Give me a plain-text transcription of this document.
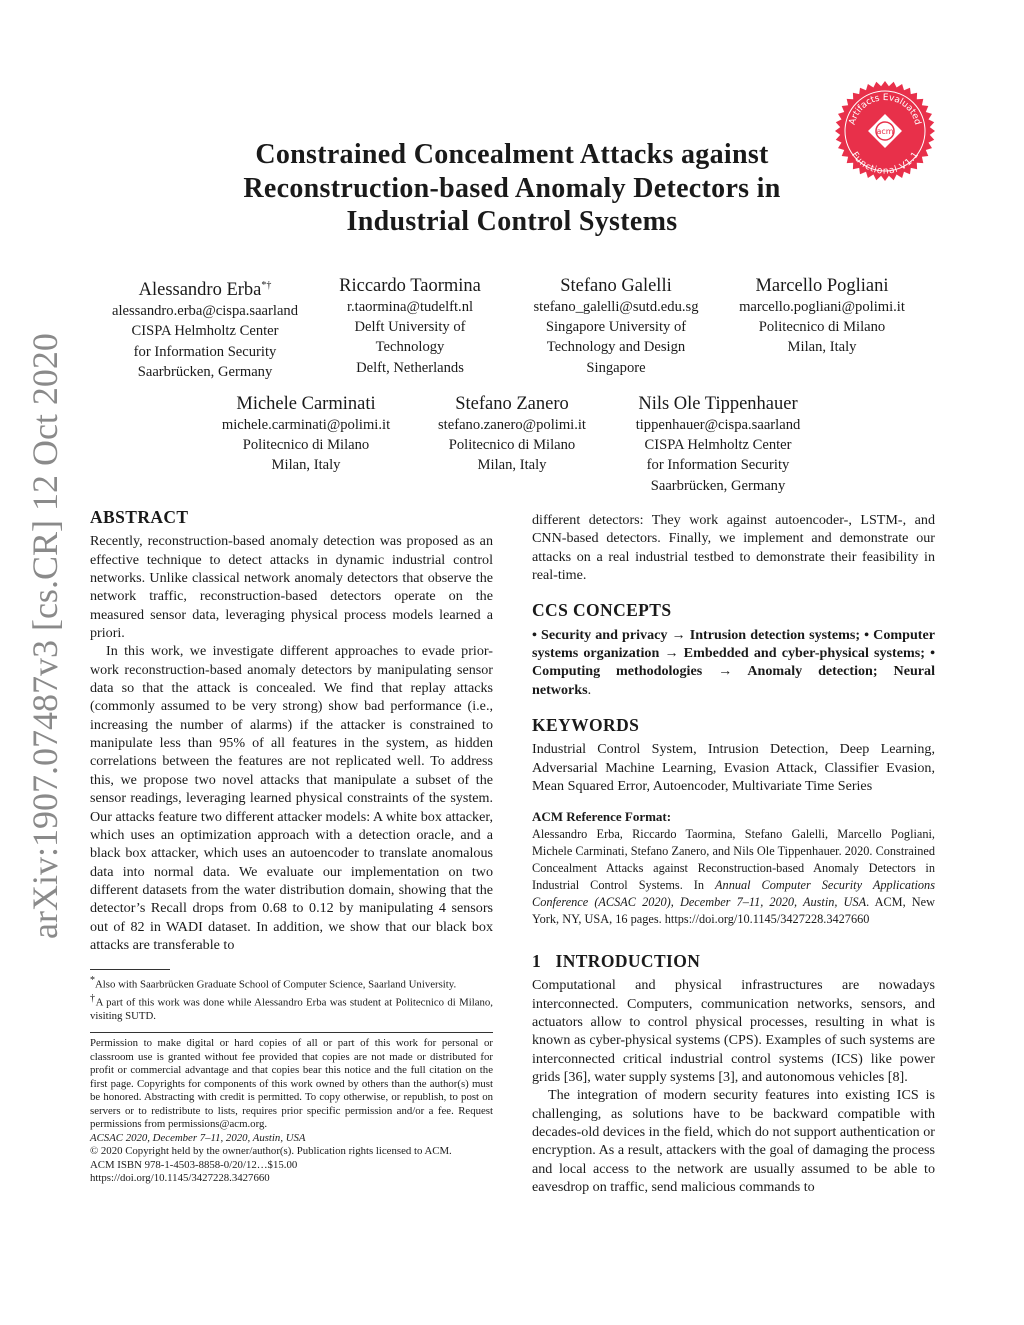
arXiv:1907.07487v3 [cs.CR] 12 Oct 2020
Artifacts Evaluated
Functional V1.1
acm
Constrained Concealment Attacks against
Reconstruction-based Anomaly Detectors in
Industrial Control Systems
Alessandro Erba*†
alessandro.erba@cispa.saarland
CISPA Helmholtz Center
for Information Security
Saarbrücken, Germany
Riccardo Taormina
r.taormina@tudelft.nl
Delft University of
Technology
Delft, Netherlands
Stefano Galelli
stefano_galelli@sutd.edu.sg
Singapore University of
Technology and Design
Singapore
Marcello Pogliani
marcello.pogliani@polimi.it
Politecnico di Milano
Milan, Italy
Michele Carminati
michele.carminati@polimi.it
Politecnico di Milano
Milan, Italy
Stefano Zanero
stefano.zanero@polimi.it
Politecnico di Milano
Milan, Italy
Nils Ole Tippenhauer
tippenhauer@cispa.saarland
CISPA Helmholtz Center
for Information Security
Saarbrücken, Germany
ABSTRACT

Recently, reconstruction-based anomaly detection was proposed as an effective technique to detect attacks in dynamic industrial control networks. Unlike classical network anomaly detectors that observe the network traffic, reconstruction-based detectors operate on the measured sensor data, leveraging physical process models learned a priori.

In this work, we investigate different approaches to evade prior-work reconstruction-based anomaly detectors by manipulating sensor data so that the attack is concealed. We find that replay attacks (commonly assumed to be very strong) show bad performance (i.e., increasing the number of alarms) if the attacker is constrained to manipulate less than 95% of all features in the system, as hidden correlations between the features are not replicated well. To address this, we propose two novel attacks that manipulate a subset of the sensor readings, leveraging learned physical constraints of the system. Our attacks feature two different attacker models: A white box attacker, which uses an optimization approach with a detection oracle, and a black box attacker, which uses an autoencoder to translate anomalous data into normal data. We evaluate our implementation on two different datasets from the water distribution domain, showing that the detector’s Recall drops from 0.68 to 0.12 by manipulating 4 sensors out of 82 in WADI dataset. In addition, we show that our black box attacks are transferable to

*Also with Saarbrücken Graduate School of Computer Science, Saarland University.

†A part of this work was done while Alessandro Erba was student at Politecnico di Milano, visiting SUTD.

Permission to make digital or hard copies of all or part of this work for personal or classroom use is granted without fee provided that copies are not made or distributed for profit or commercial advantage and that copies bear this notice and the full citation on the first page. Copyrights for components of this work owned by others than the author(s) must be honored. Abstracting with credit is permitted. To copy otherwise, or republish, to post on servers or to redistribute to lists, requires prior specific permission and/or a fee. Request permissions from permissions@acm.org.

ACSAC 2020, December 7–11, 2020, Austin, USA

© 2020 Copyright held by the owner/author(s). Publication rights licensed to ACM.

ACM ISBN 978-1-4503-8858-0/20/12…$15.00

https://doi.org/10.1145/3427228.3427660

different detectors: They work against autoencoder-, LSTM-, and CNN-based detectors. Finally, we implement and demonstrate our attacks on a real industrial testbed to demonstrate their feasibility in real-time.

CCS CONCEPTS

• Security and privacy → Intrusion detection systems; • Computer systems organization → Embedded and cyber-physical systems; • Computing methodologies → Anomaly detection; Neural networks.

KEYWORDS

Industrial Control System, Intrusion Detection, Deep Learning, Adversarial Machine Learning, Evasion Attack, Classifier Evasion, Mean Squared Error, Autoencoder, Multivariate Time Series

ACM Reference Format:

Alessandro Erba, Riccardo Taormina, Stefano Galelli, Marcello Pogliani, Michele Carminati, Stefano Zanero, and Nils Ole Tippenhauer. 2020. Constrained Concealment Attacks against Reconstruction-based Anomaly Detectors in Industrial Control Systems. In Annual Computer Security Applications Conference (ACSAC 2020), December 7–11, 2020, Austin, USA. ACM, New York, NY, USA, 16 pages. https://doi.org/10.1145/3427228.3427660

1 INTRODUCTION

Computational and physical infrastructures are nowadays interconnected. Computers, communication networks, sensors, and actuators allow to control physical processes, resulting in what is known as cyber-physical systems (CPS). Examples of such systems are interconnected critical industrial control systems (ICS) like power grids [36], water supply systems [3], and autonomous vehicles [8].

The integration of modern security features into existing ICS is challenging, as solutions have to be backward compatible with decades-old devices in the field, which do not support authentication or encryption. As a result, attackers with the goal of damaging the process and local access to the network are usually assumed to be able to eavesdrop on traffic, send malicious commands to
